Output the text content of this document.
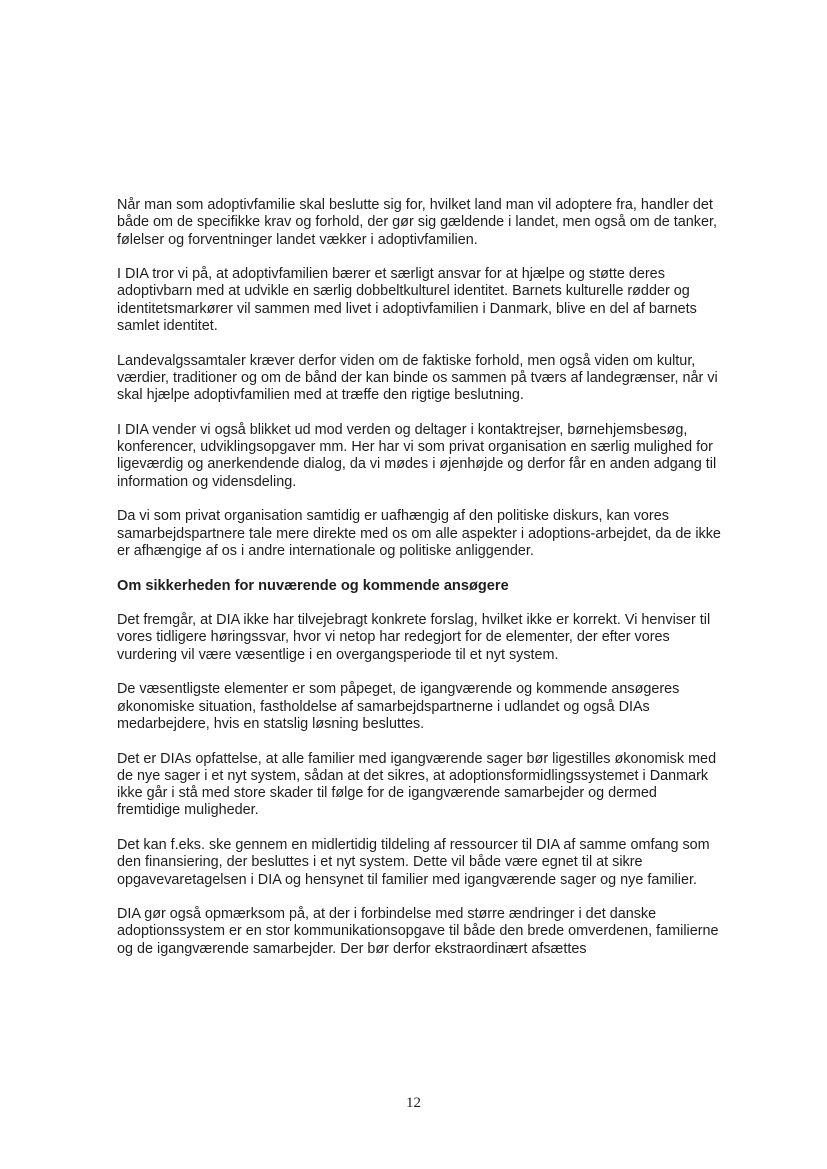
Når man som adoptivfamilie skal beslutte sig for, hvilket land man vil adoptere fra, handler det både om de specifikke krav og forhold, der gør sig gældende i landet, men også om de tanker, følelser og forventninger landet vækker i adoptivfamilien.

I DIA tror vi på, at adoptivfamilien bærer et særligt ansvar for at hjælpe og støtte deres adoptivbarn med at udvikle en særlig dobbeltkulturel identitet. Barnets kulturelle rødder og identitetsmarkører vil sammen med livet i adoptivfamilien i Danmark, blive en del af barnets samlet identitet.

Landevalgssamtaler kræver derfor viden om de faktiske forhold, men også viden om kultur, værdier, traditioner og om de bånd der kan binde os sammen på tværs af landegrænser, når vi skal hjælpe adoptivfamilien med at træffe den rigtige beslutning.

I DIA vender vi også blikket ud mod verden og deltager i kontaktrejser, børnehjemsbesøg, konferencer, udviklingsopgaver mm. Her har vi som privat organisation en særlig mulighed for ligeværdig og anerkendende dialog, da vi mødes i øjenhøjde og derfor får en anden adgang til information og vidensdeling.

Da vi som privat organisation samtidig er uafhængig af den politiske diskurs, kan vores samarbejdspartnere tale mere direkte med os om alle aspekter i adoptions-arbejdet, da de ikke er afhængige af os i andre internationale og politiske anliggender.

Om sikkerheden for nuværende og kommende ansøgere

Det fremgår, at DIA ikke har tilvejebragt konkrete forslag, hvilket ikke er korrekt. Vi henviser til vores tidligere høringssvar, hvor vi netop har redegjort for de elementer, der efter vores vurdering vil være væsentlige i en overgangsperiode til et nyt system.

De væsentligste elementer er som påpeget, de igangværende og kommende ansøgeres økonomiske situation, fastholdelse af samarbejdspartnerne i udlandet og også DIAs medarbejdere, hvis en statslig løsning besluttes.

Det er DIAs opfattelse, at alle familier med igangværende sager bør ligestilles økonomisk med de nye sager i et nyt system, sådan at det sikres, at adoptionsformidlingssystemet i Danmark ikke går i stå med store skader til følge for de igangværende samarbejder og dermed fremtidige muligheder.

Det kan f.eks. ske gennem en midlertidig tildeling af ressourcer til DIA af samme omfang som den finansiering, der besluttes i et nyt system. Dette vil både være egnet til at sikre opgavevaretagelsen i DIA og hensynet til familier med igangværende sager og nye familier.

DIA gør også opmærksom på, at der i forbindelse med større ændringer i det danske adoptionssystem er en stor kommunikationsopgave til både den brede omverdenen, familierne og de igangværende samarbejder. Der bør derfor ekstraordinært afsættes

12
